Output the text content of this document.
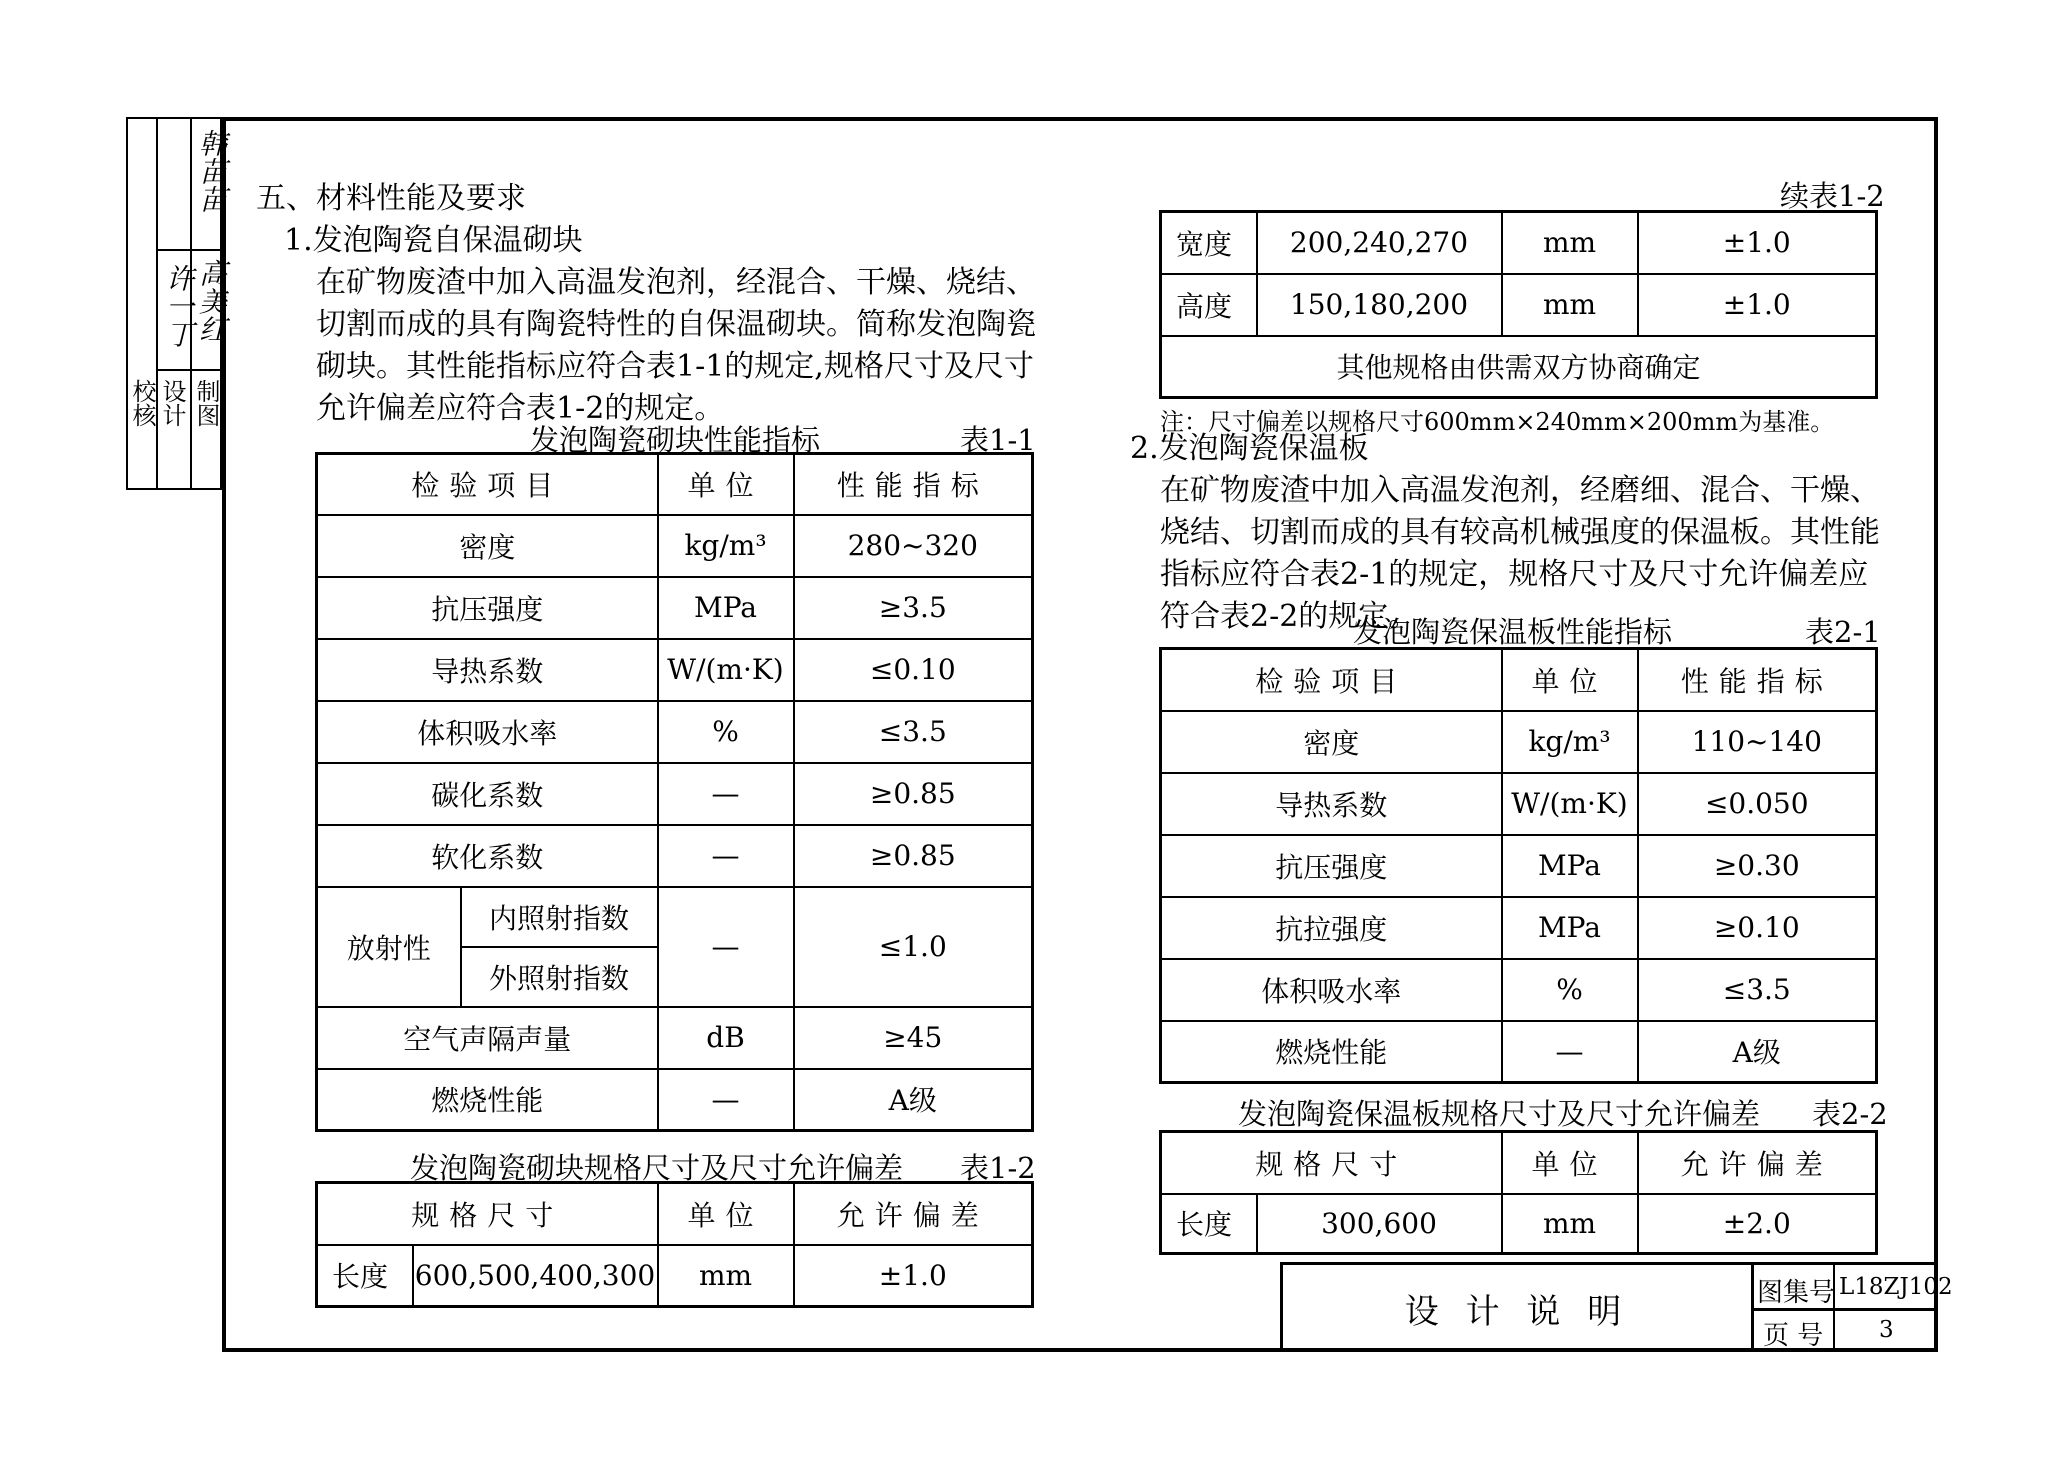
校核 设计 制图
许一丁 高美红
韩苗苗 五、材料性能及要求
1.发泡陶瓷自保温砌块
在矿物废渣中加入高温发泡剂，经混合、干燥、烧结、切割而成的具有陶瓷特性的自保温砌块。简称发泡陶瓷砌块。其性能指标应符合表1-1的规定,规格尺寸及尺寸允许偏差应符合表1-2的规定。
发泡陶瓷砌块性能指标	表1-1
检验项目		单位	性能指标
密度		kg/m³	280~320
抗压强度		MPa	≥3.5
导热系数		W/(m·K)	≤0.10
体积吸水率		%	≤3.5
碳化系数		—	≥0.85
软化系数		—	≥0.85
放射性	内照射指数	—	≤1.0
	外照射指数		
空气声隔声量		dB	≥45
燃烧性能		—	A级
发泡陶瓷砌块规格尺寸及尺寸允许偏差 表1-2
规格尺寸		单位	允许偏差
长度	600,500,400,300	mm	±1.0
续表1-2
宽度	200,240,270	mm	±1.0
高度	150,180,200	mm	±1.0
其他规格由供需双方协商确定			
注：尺寸偏差以规格尺寸600mm×240mm×200mm为基准。
2.发泡陶瓷保温板
在矿物废渣中加入高温发泡剂，经磨细、混合、干燥、烧结、切割而成的具有较高机械强度的保温板。其性能指标应符合表2-1的规定，规格尺寸及尺寸允许偏差应符合表2-2的规定。
发泡陶瓷保温板性能指标	表2-1
检验项目	单位	性能指标
密度	kg/m³	110~140
导热系数	W/(m·K)	≤0.050
抗压强度	MPa	≥0.30
抗拉强度	MPa	≥0.10
体积吸水率	%	≤3.5
燃烧性能	—	A级
发泡陶瓷保温板规格尺寸及尺寸允许偏差 表2-2
规格尺寸		单位	允许偏差
长度	300,600	mm	±2.0
设 计 说 明	图集号 L18ZJ102
页 号 3
